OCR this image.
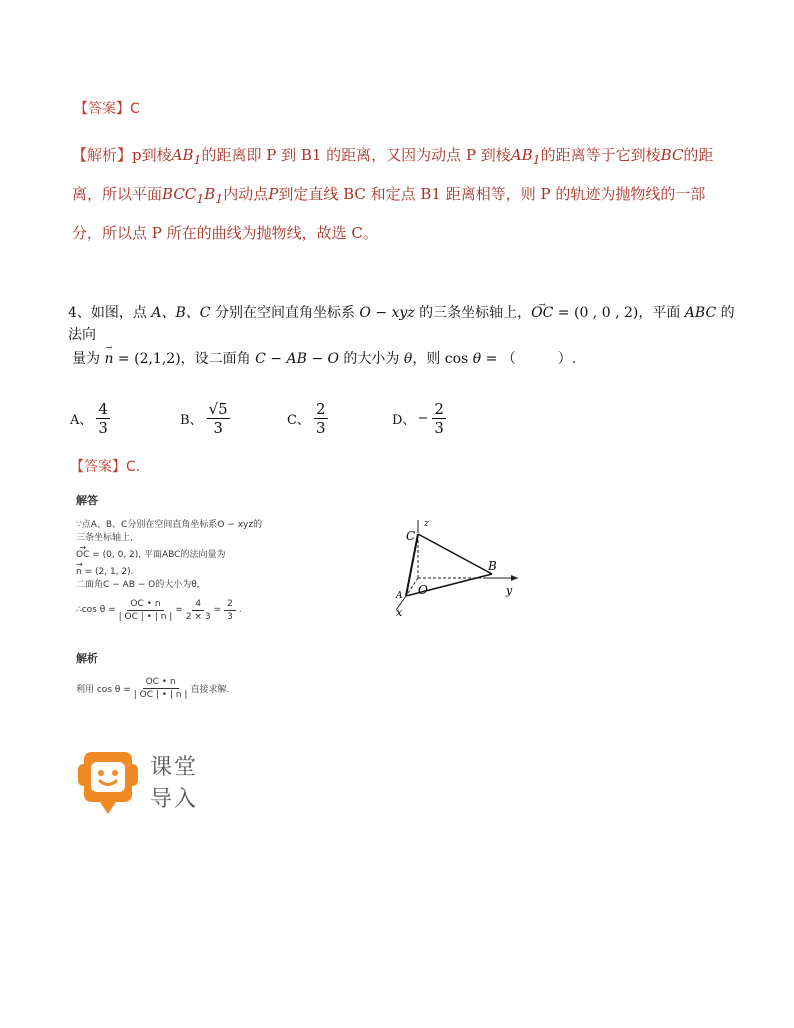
【答案】C
【解析】p到棱$AB_1$的距离即 P 到 B1 的距离，又因为动点 P 到棱$AB_1$的距离等于它到棱BC的距
离，所以平面$BCC_1B_1$内动点P到定直线 BC 和定点 B1 距离相等，则 P 的轨迹为抛物线的一部
分，所以点 P 所在的曲线为抛物线，故选 C。
4、如图，点 A、B、C 分别在空间直角坐标系 O − xyz 的三条坐标轴上，→ OC = (0 , 0 , 2)，平面 ABC 的法向
量为 → n = (2,1,2)，设二面角 C − AB − O 的大小为 θ，则 cos θ = （　　　）.
A、 $\frac{4}{3}$	B、 $\frac{√5}{3}$	C、 $\frac{2}{3}$	D、 − $\frac{2}{3}$
【答案】C.
解答
∵点A、B、C分别在空间直角坐标系O − xyz的
三条坐标轴上,
→ OC = (0, 0, 2), 平面ABC的法向量为
→ n = (2, 1, 2).
二面角C − AB − O的大小为θ,
∴cos $\theta = \frac{OC • n}{| OC | • | n |} = \frac{4}{2 \times 3} = \frac{2}{3}$ .
z
C
B
O
A
x
y
解析
利用 $\cos \theta = \frac{OC • n}{| OC | • | n |}$ 直接求解.
课堂
导入
